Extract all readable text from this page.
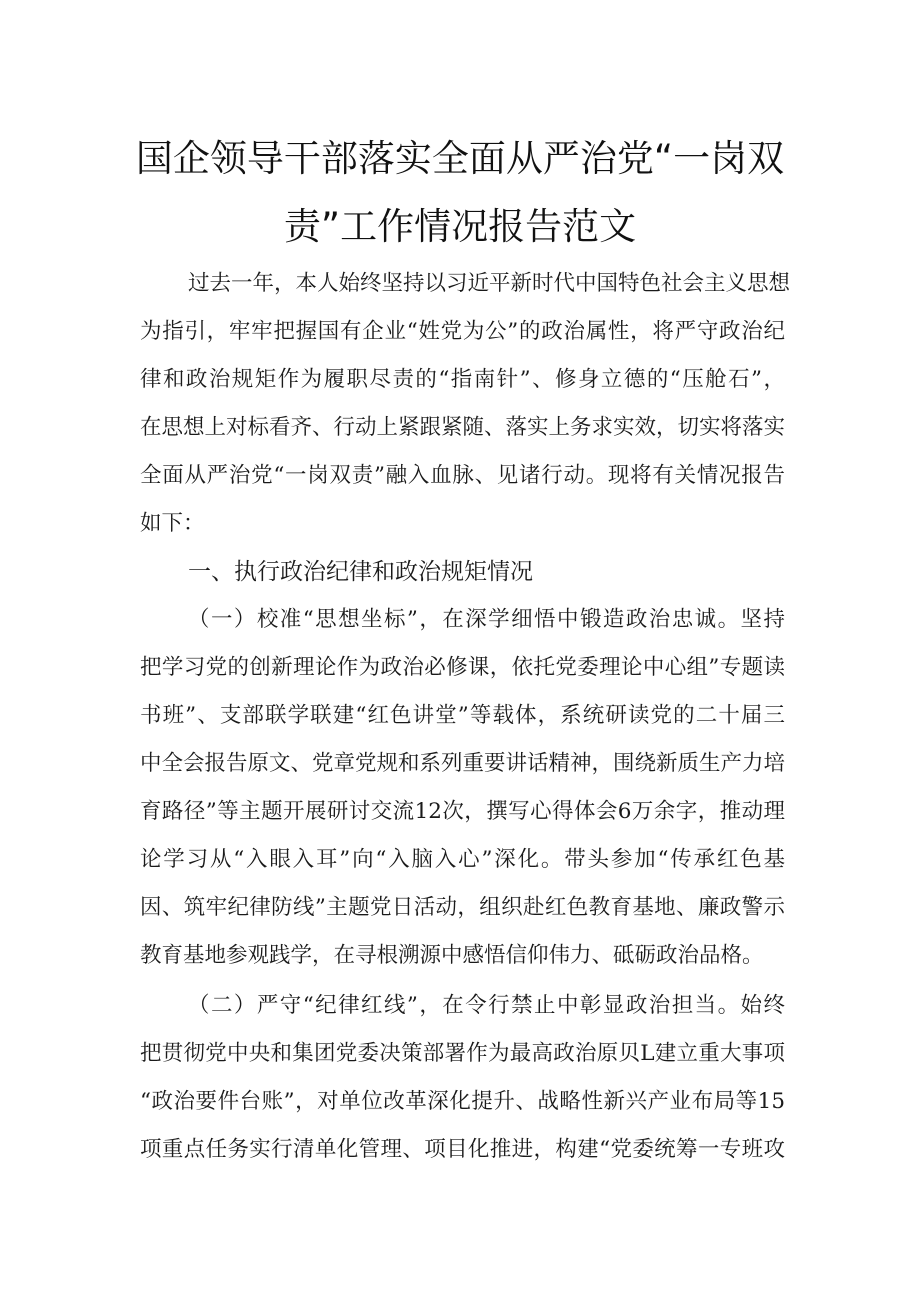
国企领导干部落实全面从严治党“一岗双
责”工作情况报告范文
过去一年，本人始终坚持以习近平新时代中国特色社会主义思想
为指引，牢牢把握国有企业“姓党为公”的政治属性，将严守政治纪
律和政治规矩作为履职尽责的“指南针”、修身立德的“压舱石”，
在思想上对标看齐、行动上紧跟紧随、落实上务求实效，切实将落实
全面从严治党“一岗双责”融入血脉、见诸行动。现将有关情况报告
如下：
一、执行政治纪律和政治规矩情况
（一）校准“思想坐标”，在深学细悟中锻造政治忠诚。坚持
把学习党的创新理论作为政治必修课，依托党委理论中心组”专题读
书班”、支部联学联建“红色讲堂”等载体，系统研读党的二十届三
中全会报告原文、党章党规和系列重要讲话精神，围绕新质生产力培
育路径”等主题开展研讨交流12次，撰写心得体会6万余字，推动理
论学习从“入眼入耳”向“入脑入心”深化。带头参加“传承红色基
因、筑牢纪律防线”主题党日活动，组织赴红色教育基地、廉政警示
教育基地参观践学，在寻根溯源中感悟信仰伟力、砥砺政治品格。
（二）严守“纪律红线”，在令行禁止中彰显政治担当。始终
把贯彻党中央和集团党委决策部署作为最高政治原贝L建立重大事项
“政治要件台账”，对单位改革深化提升、战略性新兴产业布局等15
项重点任务实行清单化管理、项目化推进，构建“党委统筹一专班攻
